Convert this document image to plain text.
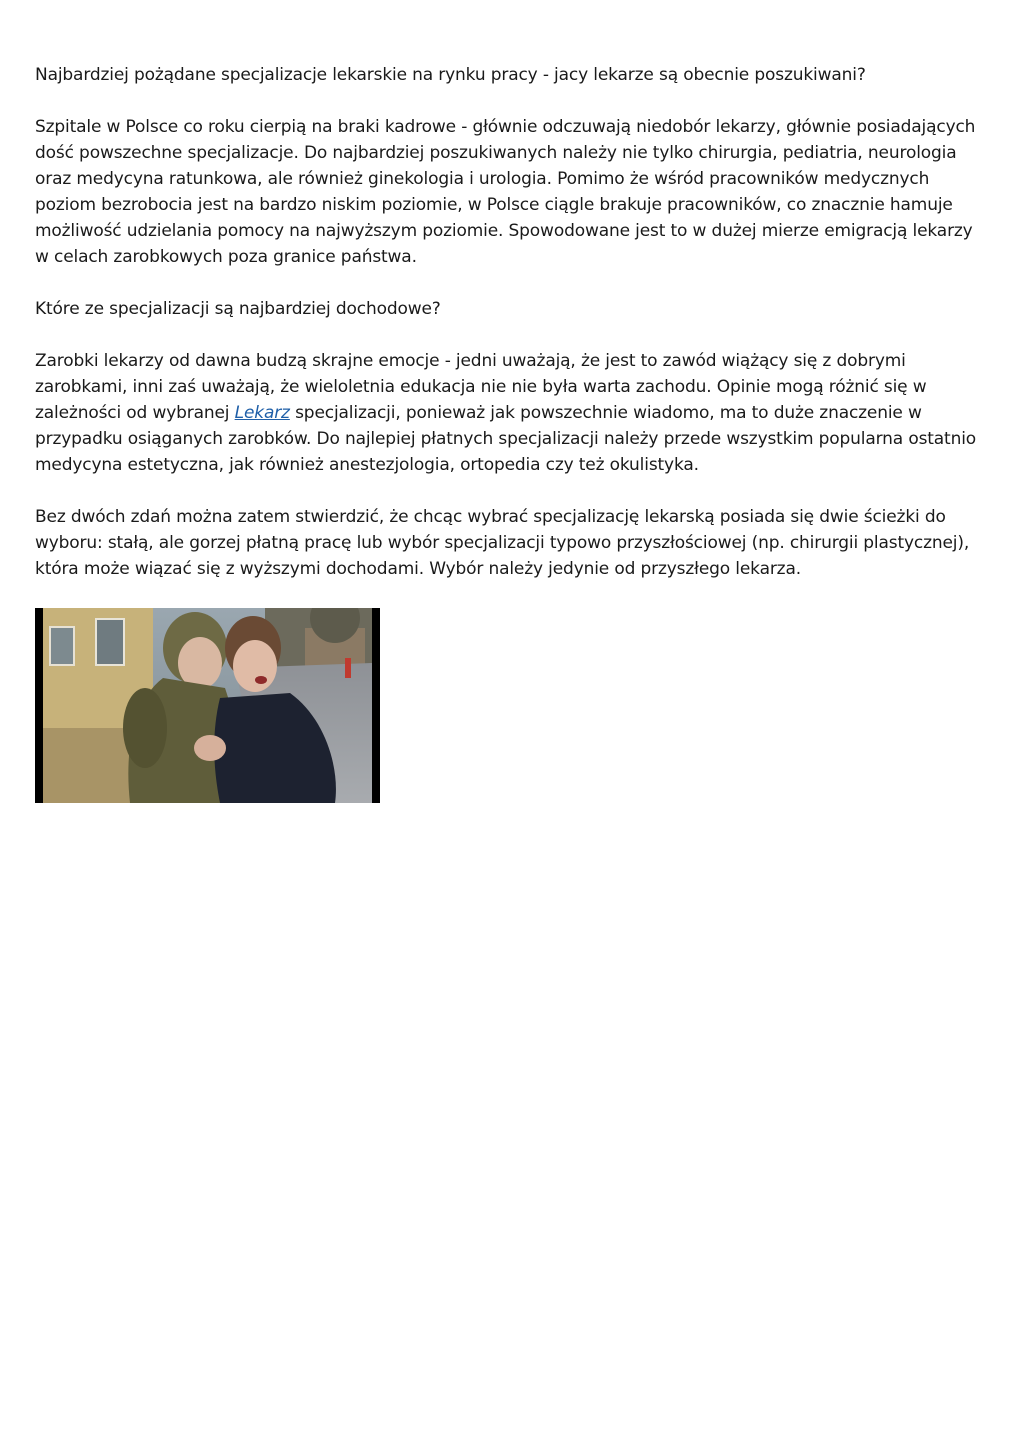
Najbardziej pożądane specjalizacje lekarskie na rynku pracy - jacy lekarze są obecnie poszukiwani?

Szpitale w Polsce co roku cierpią na braki kadrowe - głównie odczuwają niedobór lekarzy, głównie posiadających dość powszechne specjalizacje. Do najbardziej poszukiwanych należy nie tylko chirurgia, pediatria, neurologia oraz medycyna ratunkowa, ale również ginekologia i urologia. Pomimo że wśród pracowników medycznych poziom bezrobocia jest na bardzo niskim poziomie, w Polsce ciągle brakuje pracowników, co znacznie hamuje możliwość udzielania pomocy na najwyższym poziomie. Spowodowane jest to w dużej mierze emigracją lekarzy w celach zarobkowych poza granice państwa.

Które ze specjalizacji są najbardziej dochodowe?

Zarobki lekarzy od dawna budzą skrajne emocje - jedni uważają, że jest to zawód wiążący się z dobrymi zarobkami, inni zaś uważają, że wieloletnia edukacja nie nie była warta zachodu. Opinie mogą różnić się w zależności od wybranej Lekarz specjalizacji, ponieważ jak powszechnie wiadomo, ma to duże znaczenie w przypadku osiąganych zarobków. Do najlepiej płatnych specjalizacji należy przede wszystkim popularna ostatnio medycyna estetyczna, jak również anestezjologia, ortopedia czy też okulistyka.

Bez dwóch zdań można zatem stwierdzić, że chcąc wybrać specjalizację lekarską posiada się dwie ścieżki do wyboru: stałą, ale gorzej płatną pracę lub wybór specjalizacji typowo przyszłościowej (np. chirurgii plastycznej), która może wiązać się z wyższymi dochodami. Wybór należy jedynie od przyszłego lekarza.
